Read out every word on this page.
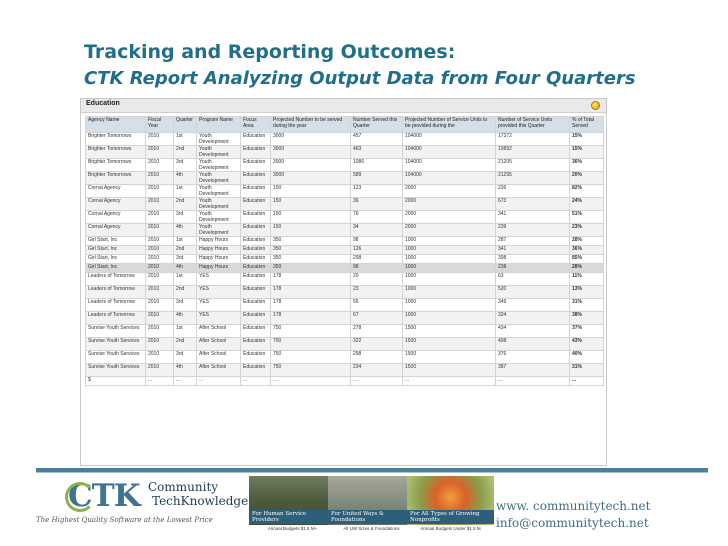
Tracking and Reporting Outcomes:
CTK Report Analyzing Output Data from Four Quarters
Education
Agency Name	Fiscal Year	Quarter	Program Name	Focus Area	Projected Number to be served during the year	Number Served this Quarter	Projected Number of Service Units to be provided during the	Number of Service Units provided this Quarter	% of Total Served
Brighter Tomorrows	2010	1st	Youth Development	Education	3000	457	104000	17372	15%
Brighter Tomorrows	2010	2nd	Youth Development	Education	3000	463	104000	10892	15%
Brighter Tomorrows	2010	3rd	Youth Development	Education	3000	1086	104000	21205	36%
Brighter Tomorrows	2010	4th	Youth Development	Education	3000	589	104000	21295	20%
Cornal Agency	2010	1st	Youth Development	Education	150	123	2000	236	82%
Cornal Agency	2010	2nd	Youth Development	Education	150	36	2000	673	24%
Cornal Agency	2010	3rd	Youth Development	Education	150	76	2000	341	51%
Cornal Agency	2010	4th	Youth Development	Education	150	34	2000	239	23%
Girl Start, Inc	2010	1st	Happy Hours	Education	350	98	1000	287	28%
Girl Start, Inc	2010	2nd	Happy Hours	Education	350	126	1000	341	36%
Girl Start, Inc	2010	3rd	Happy Hours	Education	350	298	1000	398	85%
Girl Start, Inc	2010	4th	Happy Hours	Education	350	98	1000	238	28%
Leaders of Tomorrow	2010	1st	YES	Education	178	20	1000	63	11%
Leaders of Tomorrow	2010	2nd	YES	Education	178	23	1000	520	13%
Leaders of Tomorrow	2010	3rd	YES	Education	178	56	1000	349	31%
Leaders of Tomorrow	2010	4th	YES	Education	178	67	1000	324	38%
Sunrise Youth Services	2010	1st	After School	Education	750	278	1500	434	37%
Sunrise Youth Services	2010	2nd	After School	Education	750	322	1500	498	43%
Sunrise Youth Services	2010	3rd	After School	Education	750	298	1500	376	40%
Sunrise Youth Services	2010	4th	After School	Education	750	234	1500	387	31%
$	...	...	...	...	...	...	...	...	...
CTK Community
TechKnowledge
The Highest Quality Software at the Lowest Price
For Human Service Providers
Annual Budgets $1.5 M+
For United Ways & Foundations
All UW Sizes & Foundations
For All Types of Growing Nonprofits
Annual Budgets Under $1.5 M
www. communitytech.net
info@communitytech.net
